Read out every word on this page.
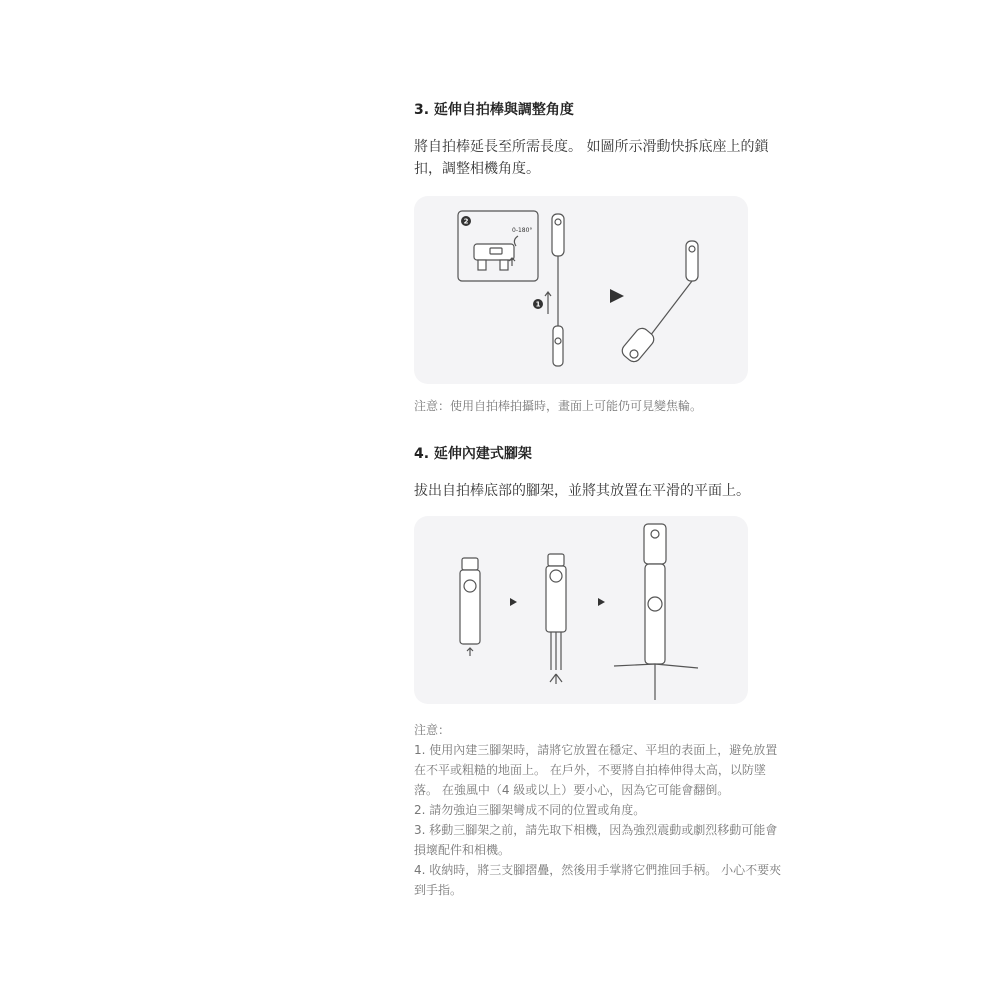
3. 延伸自拍棒與調整角度

將自拍棒延長至所需長度。 如圖所示滑動快拆底座上的鎖

扣，調整相機角度。

2
0-180°
1

注意：使用自拍棒拍攝時，畫面上可能仍可見變焦輪。

4. 延伸內建式腳架

拔出自拍棒底部的腳架，並將其放置在平滑的平面上。

注意：

1. 使用內建三腳架時，請將它放置在穩定、平坦的表面上，避免放置

在不平或粗糙的地面上。 在戶外，不要將自拍棒伸得太高，以防墜

落。 在強風中（4 級或以上）要小心，因為它可能會翻倒。

2. 請勿強迫三腳架彎成不同的位置或角度。

3. 移動三腳架之前，請先取下相機，因為強烈震動或劇烈移動可能會

損壞配件和相機。

4. 收納時，將三支腳摺疊，然後用手掌將它們推回手柄。 小心不要夾

到手指。
